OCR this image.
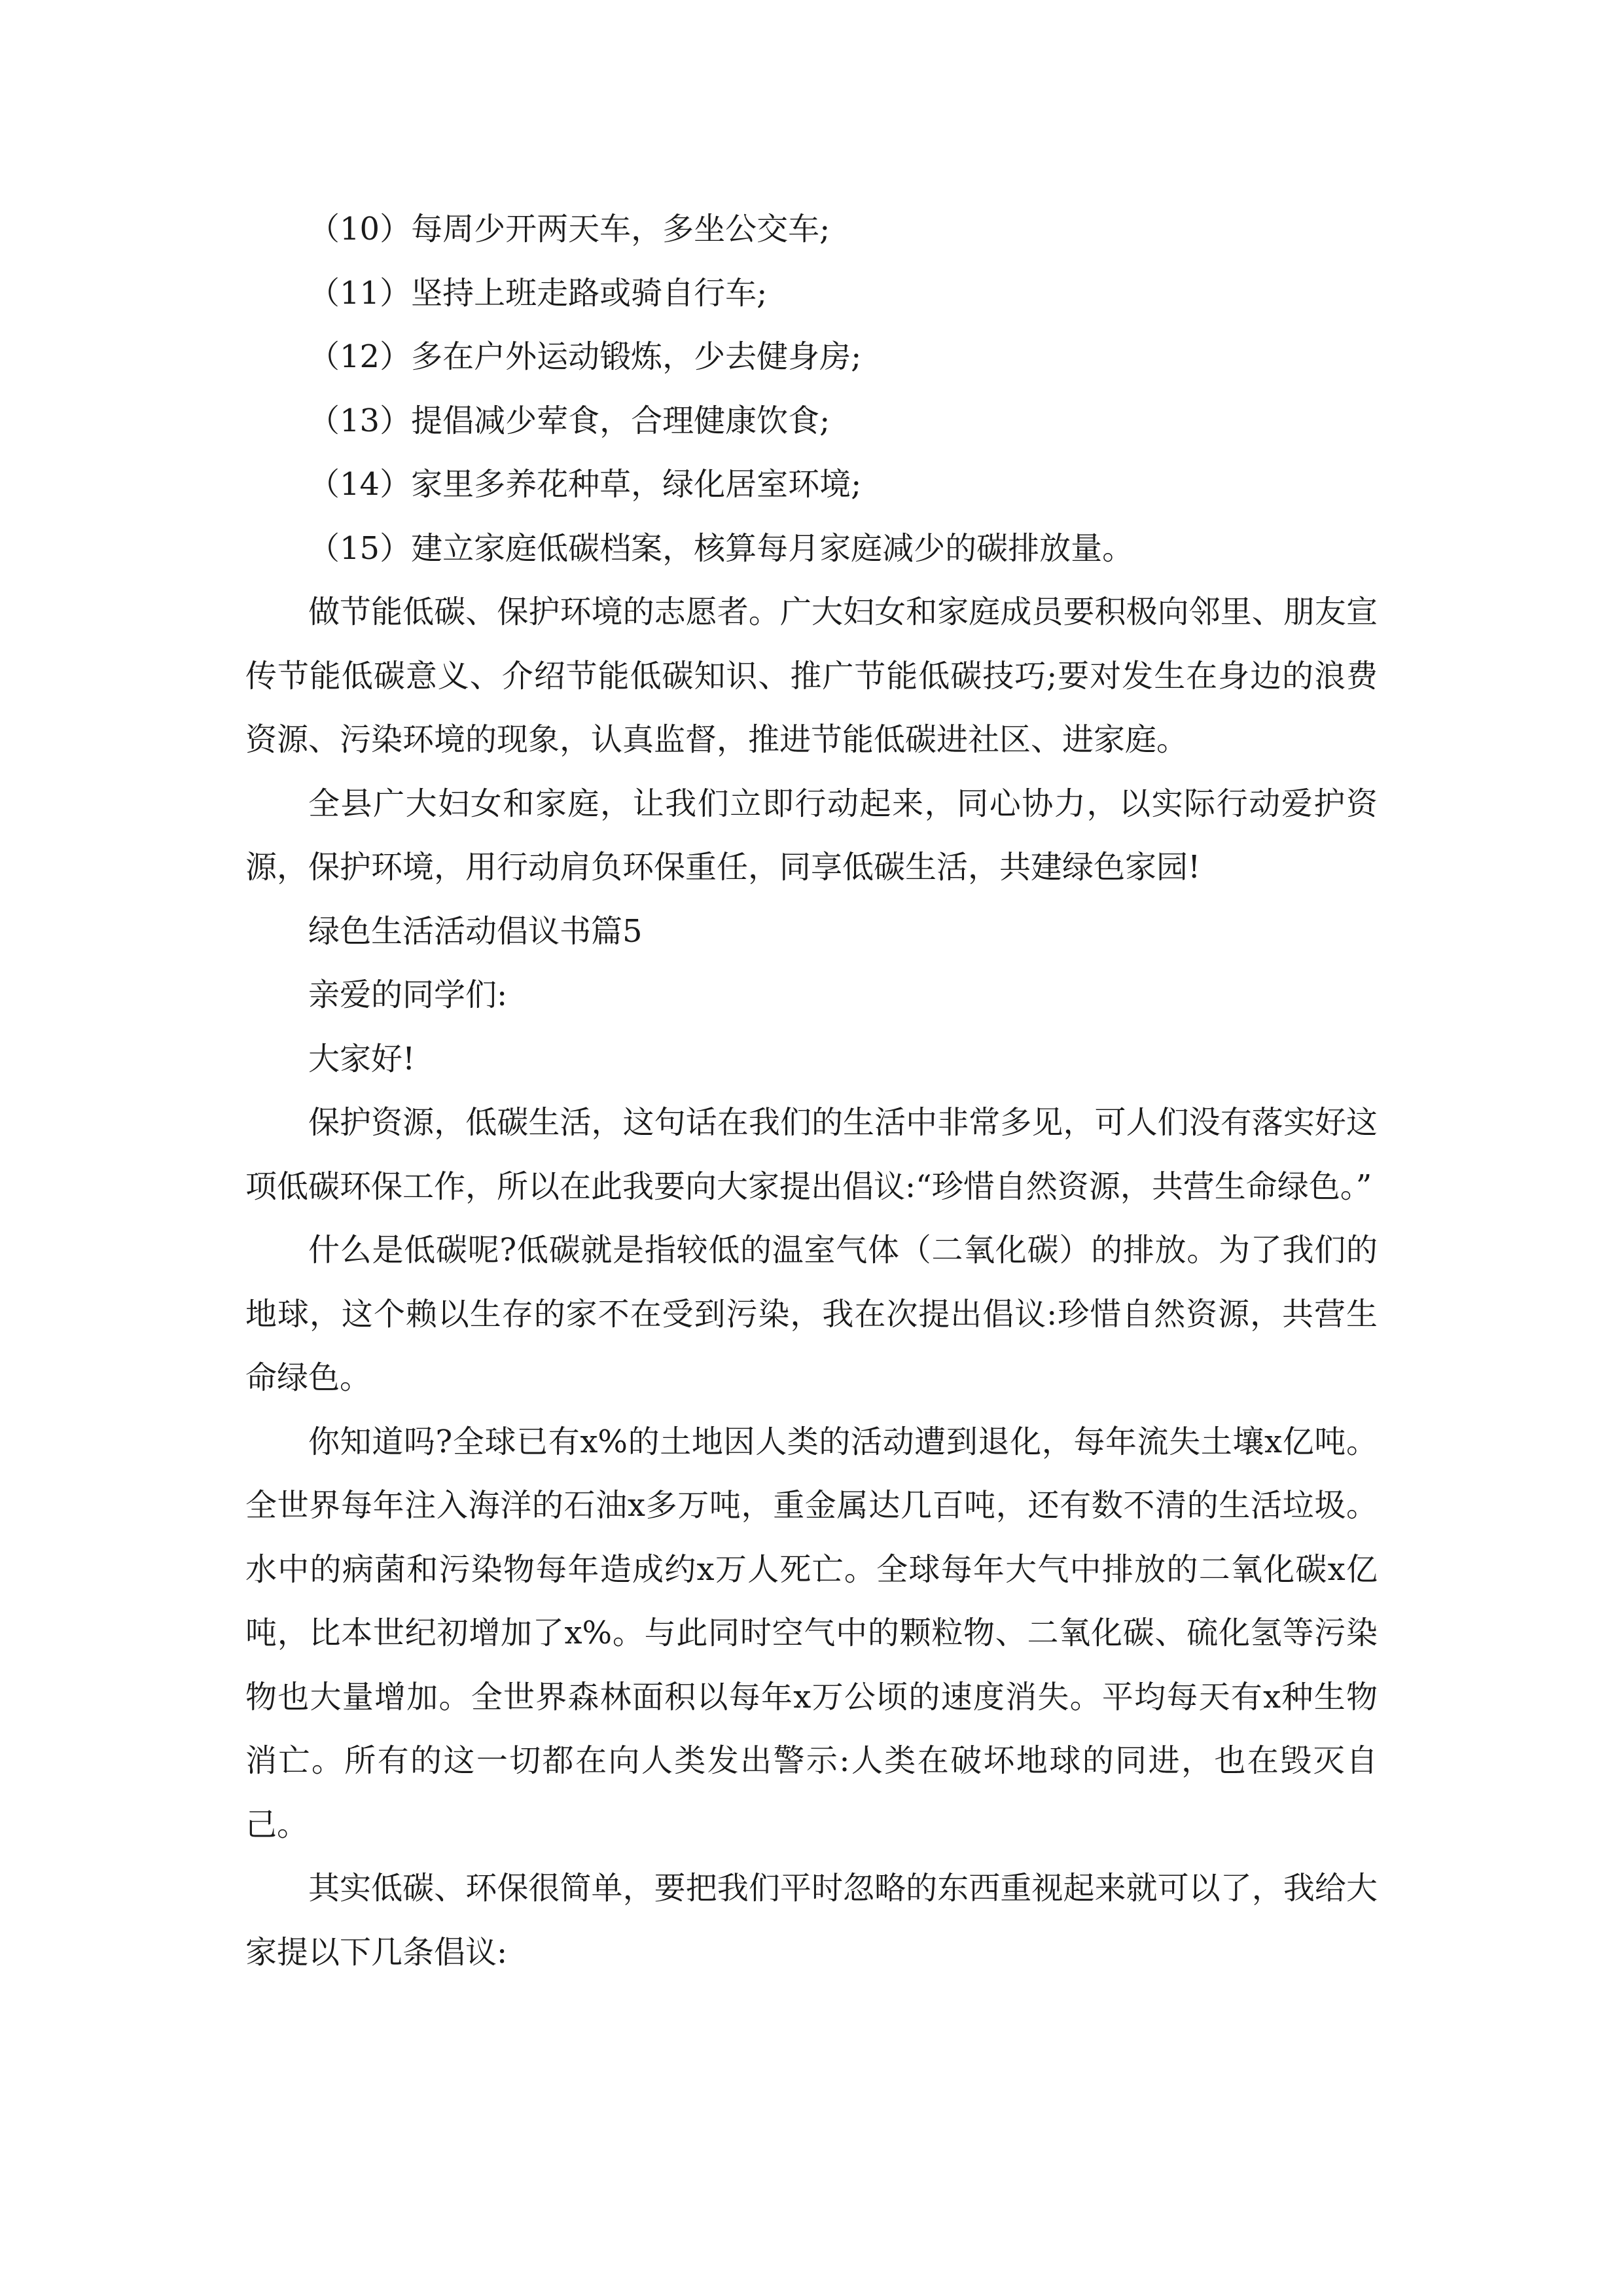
（10）每周少开两天车，多坐公交车;

（11）坚持上班走路或骑自行车;

（12）多在户外运动锻炼，少去健身房;

（13）提倡减少荤食，合理健康饮食;

（14）家里多养花种草，绿化居室环境;

（15）建立家庭低碳档案，核算每月家庭减少的碳排放量。

做节能低碳、保护环境的志愿者。广大妇女和家庭成员要积极向邻里、朋友宣传节能低碳意义、介绍节能低碳知识、推广节能低碳技巧;要对发生在身边的浪费资源、污染环境的现象，认真监督，推进节能低碳进社区、进家庭。

全县广大妇女和家庭，让我们立即行动起来，同心协力，以实际行动爱护资源，保护环境，用行动肩负环保重任，同享低碳生活，共建绿色家园!

绿色生活活动倡议书篇5

亲爱的同学们:

大家好!

保护资源，低碳生活，这句话在我们的生活中非常多见，可人们没有落实好这项低碳环保工作，所以在此我要向大家提出倡议:“珍惜自然资源，共营生命绿色。”

什么是低碳呢?低碳就是指较低的温室气体（二氧化碳）的排放。为了我们的地球，这个赖以生存的家不在受到污染，我在次提出倡议:珍惜自然资源，共营生命绿色。

你知道吗?全球已有x%的土地因人类的活动遭到退化，每年流失土壤x亿吨。全世界每年注入海洋的石油x多万吨，重金属达几百吨，还有数不清的生活垃圾。水中的病菌和污染物每年造成约x万人死亡。全球每年大气中排放的二氧化碳x亿吨，比本世纪初增加了x%。与此同时空气中的颗粒物、二氧化碳、硫化氢等污染物也大量增加。全世界森林面积以每年x万公顷的速度消失。平均每天有x种生物消亡。所有的这一切都在向人类发出警示:人类在破坏地球的同进，也在毁灭自己。

其实低碳、环保很简单，要把我们平时忽略的东西重视起来就可以了，我给大家提以下几条倡议:
